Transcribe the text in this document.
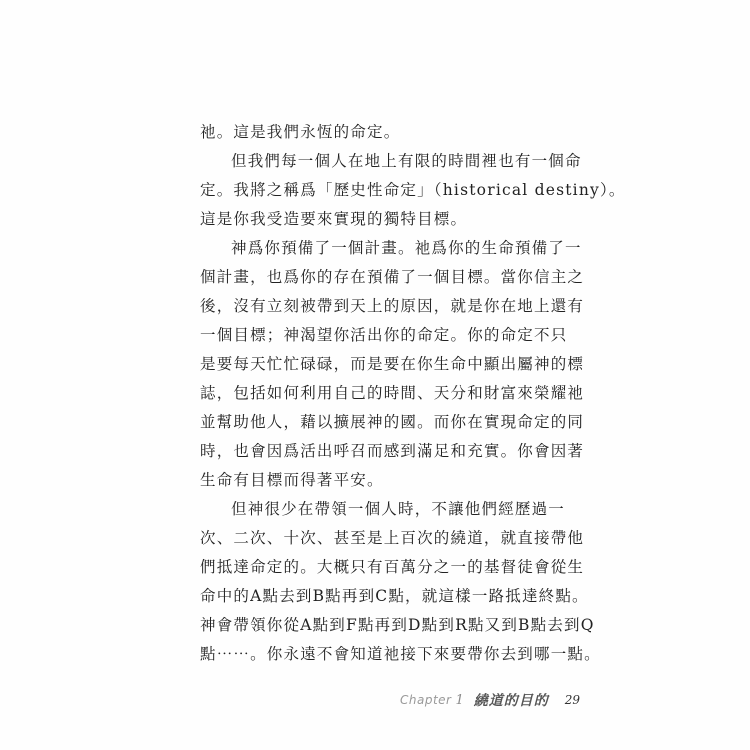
祂。這是我們永恆的命定。
但我們每一個人在地上有限的時間裡也有一個命
定。我將之稱爲「歷史性命定」（historical destiny）。
這是你我受造要來實現的獨特目標。
神爲你預備了一個計畫。祂爲你的生命預備了一
個計畫，也爲你的存在預備了一個目標。當你信主之
後，沒有立刻被帶到天上的原因，就是你在地上還有
一個目標；神渴望你活出你的命定。你的命定不只
是要每天忙忙碌碌，而是要在你生命中顯出屬神的標
誌，包括如何利用自己的時間、天分和財富來榮耀祂
並幫助他人，藉以擴展神的國。而你在實現命定的同
時，也會因爲活出呼召而感到滿足和充實。你會因著
生命有目標而得著平安。
但神很少在帶領一個人時，不讓他們經歷過一
次、二次、十次、甚至是上百次的繞道，就直接帶他
們抵達命定的。大概只有百萬分之一的基督徒會從生
命中的A點去到B點再到C點，就這樣一路抵達終點。
神會帶領你從A點到F點再到D點到R點又到B點去到Q
點⋯⋯。你永遠不會知道祂接下來要帶你去到哪一點。
Chapter 1 繞道的目的 29
